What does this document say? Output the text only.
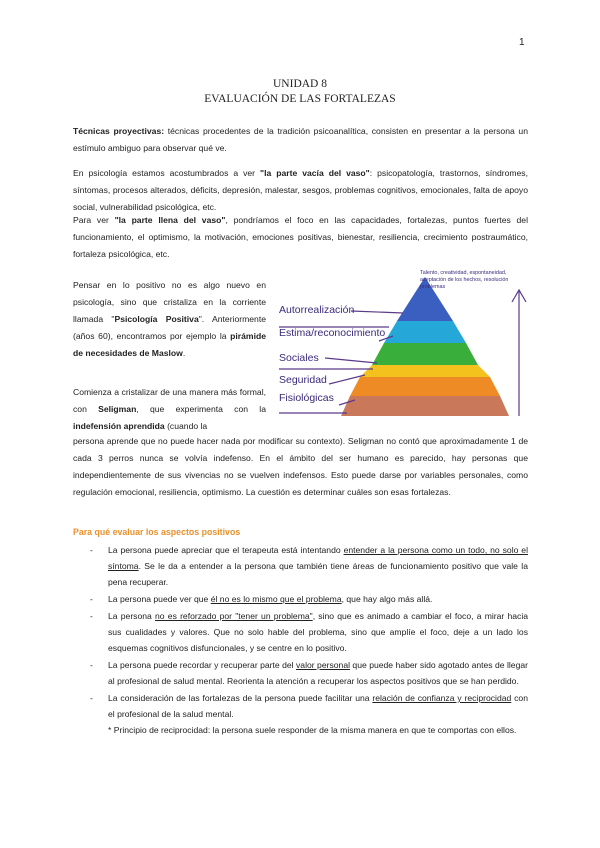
1
UNIDAD 8
EVALUACIÓN DE LAS FORTALEZAS

Técnicas proyectivas: técnicas procedentes de la tradición psicoanalítica, consisten en presentar a la persona un estímulo ambiguo para observar qué ve.

En psicología estamos acostumbrados a ver "la parte vacía del vaso": psicopatología, trastornos, síndromes, síntomas, procesos alterados, déficits, depresión, malestar, sesgos, problemas cognitivos, emocionales, falta de apoyo social, vulnerabilidad psicológica, etc.

Para ver "la parte llena del vaso", pondríamos el foco en las capacidades, fortalezas, puntos fuertes del funcionamiento, el optimismo, la motivación, emociones positivas, bienestar, resiliencia, crecimiento postraumático, fortaleza psicológica, etc.

Pensar en lo positivo no es algo nuevo en psicología, sino que cristaliza en la corriente llamada "Psicología Positiva". Anteriormente (años 60), encontramos por ejemplo la pirámide de necesidades de Maslow.

Comienza a cristalizar de una manera más formal, con Seligman, que experimenta con la indefensión aprendida (cuando la

persona aprende que no puede hacer nada por modificar su contexto). Seligman no contó que aproximadamente 1 de cada 3 perros nunca se volvía indefenso. En el ámbito del ser humano es parecido, hay personas que independientemente de sus vivencias no se vuelven indefensos. Esto puede darse por variables personales, como regulación emocional, resiliencia, optimismo. La cuestión es determinar cuáles son esas fortalezas.

Autorrealización
Estima/reconocimiento
Sociales
Seguridad
Fisiológicas
Talento, creatividad, espontaneidad, aceptación de los hechos, resolución problemas
Para qué evaluar los aspectos positivos
- La persona puede apreciar que el terapeuta está intentando entender a la persona como un todo, no solo el síntoma. Se le da a entender a la persona que también tiene áreas de funcionamiento positivo que vale la pena recuperar.
- La persona puede ver que él no es lo mismo que el problema, que hay algo más allá.
- La persona no es reforzado por "tener un problema", sino que es animado a cambiar el foco, a mirar hacia sus cualidades y valores. Que no solo hable del problema, sino que amplíe el foco, deje a un lado los esquemas cognitivos disfuncionales, y se centre en lo positivo.
- La persona puede recordar y recuperar parte del valor personal que puede haber sido agotado antes de llegar al profesional de salud mental. Reorienta la atención a recuperar los aspectos positivos que se han perdido.
- La consideración de las fortalezas de la persona puede facilitar una relación de confianza y reciprocidad con el profesional de la salud mental.
* Principio de reciprocidad: la persona suele responder de la misma manera en que te comportas con ellos.
